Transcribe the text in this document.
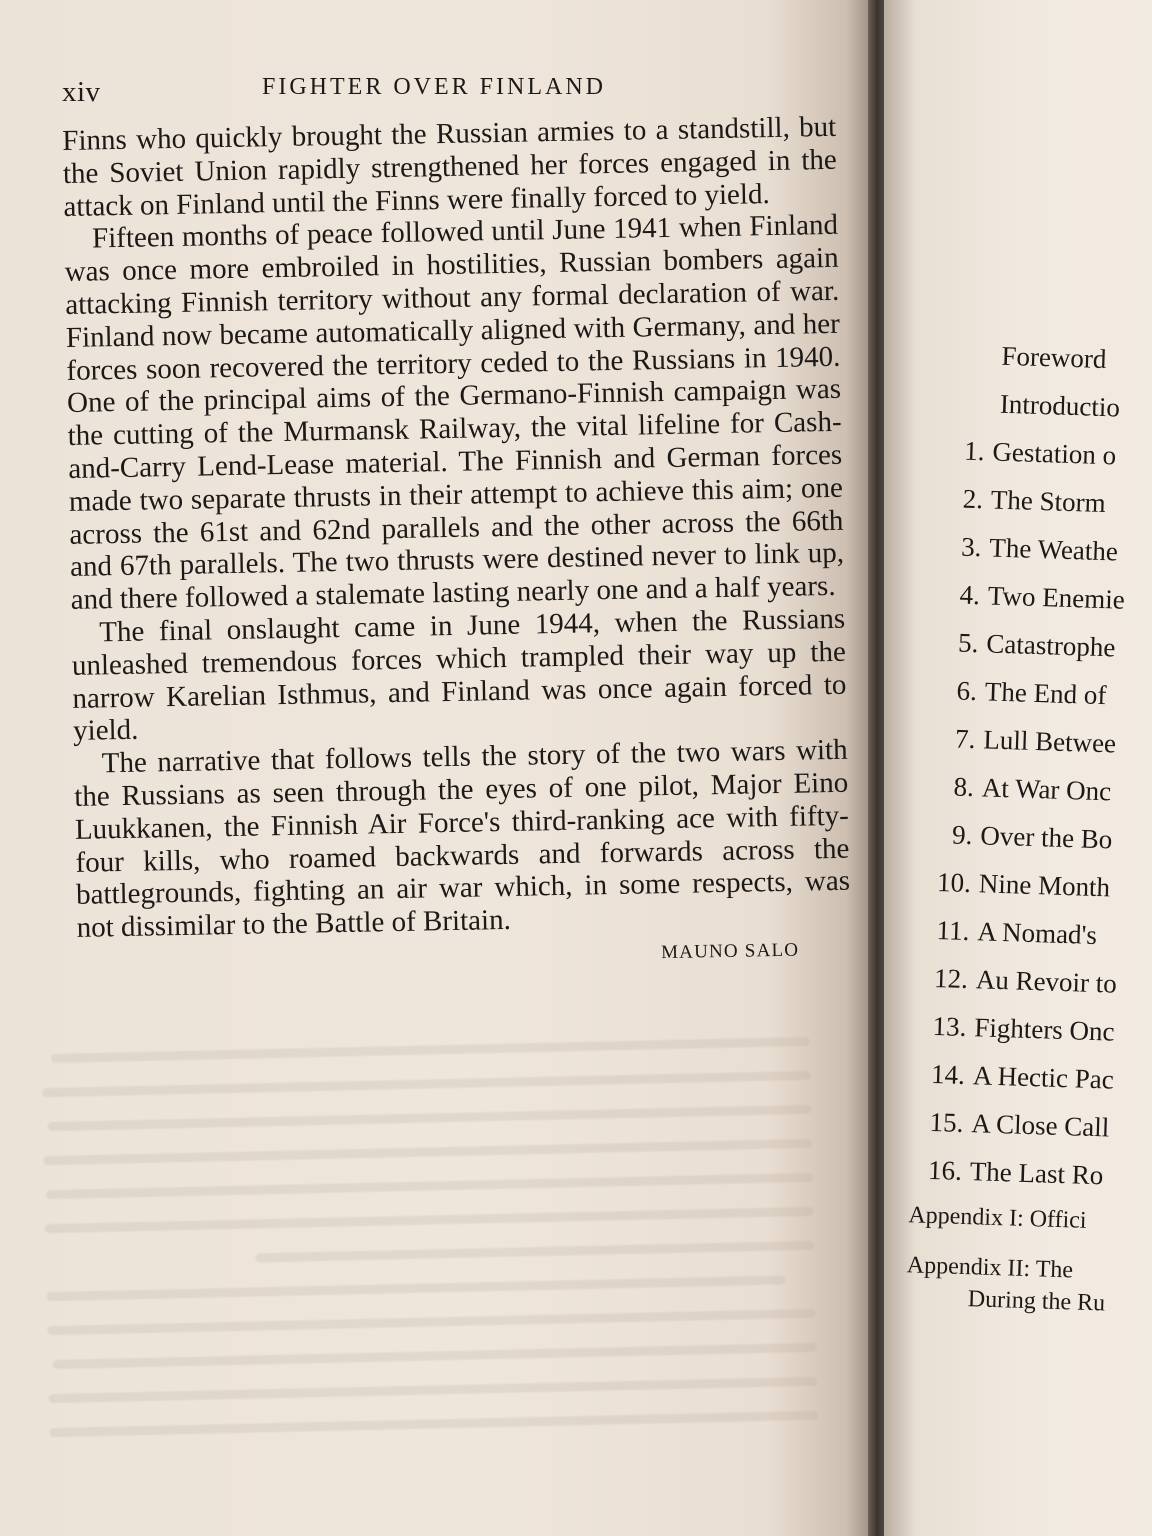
xiv	FIGHTER OVER FINLAND

Finns who quickly brought the Russian armies to a standstill, but the Soviet Union rapidly strengthened her forces engaged in the attack on Finland until the Finns were finally forced to yield.

Fifteen months of peace followed until June 1941 when Finland was once more embroiled in hostilities, Russian bombers again attacking Finnish territory without any formal declaration of war. Finland now became automatically aligned with Germany, and her forces soon recovered the territory ceded to the Russians in 1940. One of the principal aims of the Germano-Finnish campaign was the cutting of the Murmansk Railway, the vital lifeline for Cash-and-Carry Lend-Lease material. The Finnish and German forces made two separate thrusts in their attempt to achieve this aim; one across the 61st and 62nd parallels and the other across the 66th and 67th parallels. The two thrusts were destined never to link up, and there followed a stalemate lasting nearly one and a half years.

The final onslaught came in June 1944, when the Russians unleashed tremendous forces which trampled their way up the narrow Karelian Isthmus, and Finland was once again forced to yield.

The narrative that follows tells the story of the two wars with the Russians as seen through the eyes of one pilot, Major Eino Luukkanen, the Finnish Air Force's third-ranking ace with fifty-four kills, who roamed backwards and forwards across the battlegrounds, fighting an air war which, in some respects, was not dissimilar to the Battle of Britain.

MAUNO SALO

Foreword
Introductio
1. Gestation o
2. The Storm
3. The Weathe
4. Two Enemie
5. Catastrophe
6. The End of
7. Lull Betwee
8. At War Onc
9. Over the Bo
10. Nine Month
11. A Nomad's
12. Au Revoir to
13. Fighters Onc
14. A Hectic Pac
15. A Close Call
16. The Last Ro
Appendix I: Offici
Appendix II: The
During the Ru
